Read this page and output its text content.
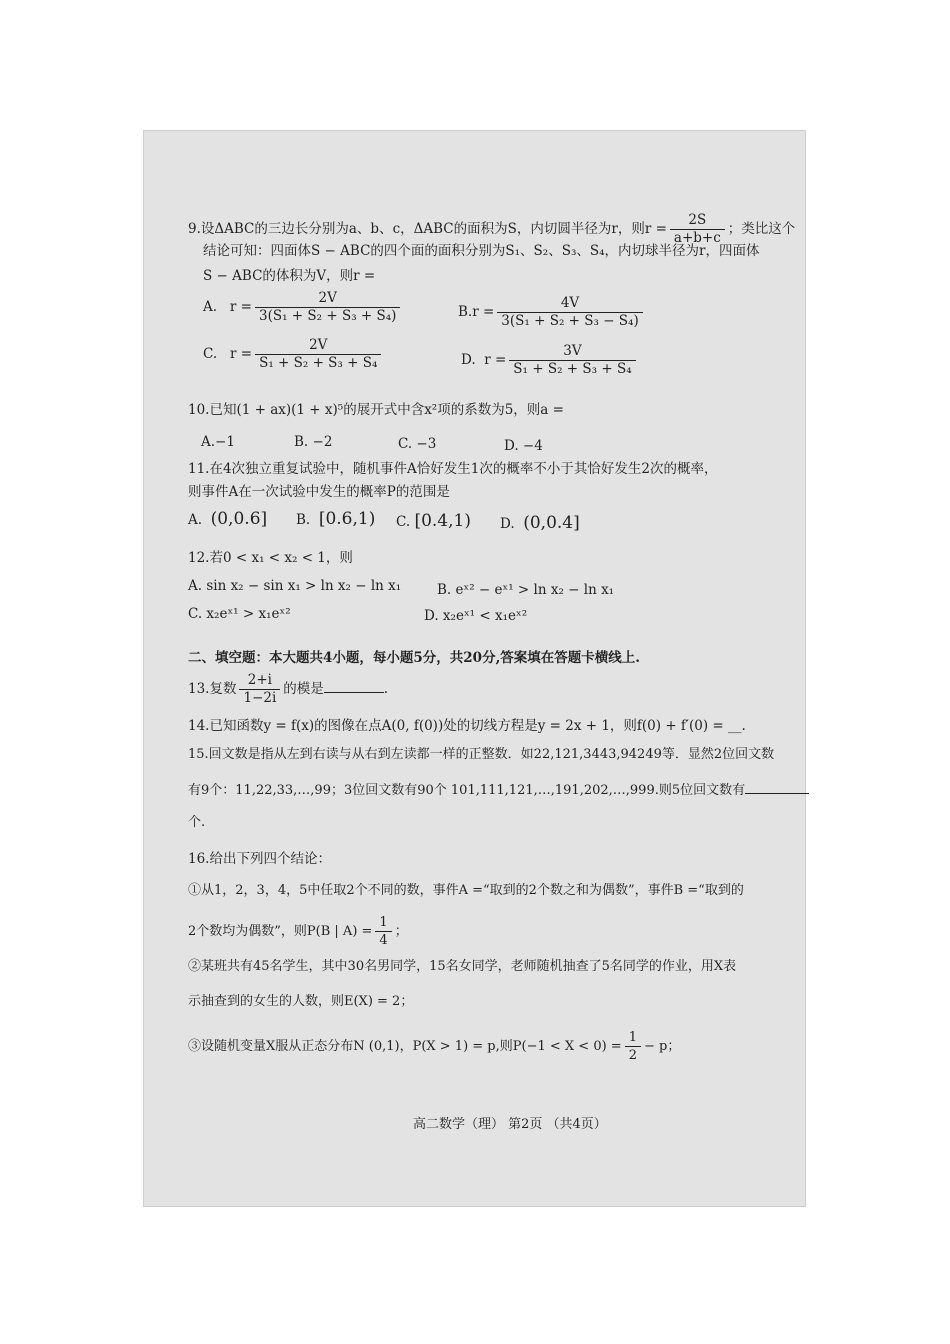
9.设ΔABC的三边长分别为a、b、c，ΔABC的面积为S，内切圆半径为r，则$r = \frac{2S}{a+b+c}$ ；类比这个
结论可知：四面体S − ABC的四个面的面积分别为S₁、S₂、S₃、S₄，内切球半径为r，四面体
S − ABC的体积为V，则r =
A. $r = \frac{2V}{\text{3(S₁ + S₂ + S₃ + S₄)}}$	$B.r = \frac{4V}{\text{3(S₁ + S₂ + S₃ − S₄)}}$
C. $r = \frac{2V}{\text{S₁ + S₂ + S₃ + S₄}}$	D. $r = \frac{3V}{\text{S₁ + S₂ + S₃ + S₄}}$
10.已知(1 + ax)(1 + x)⁵的展开式中含x²项的系数为5，则a =
A.−1	B. −2	C. −3	D. −4
11.在4次独立重复试验中，随机事件A恰好发生1次的概率不小于其恰好发生2次的概率，
则事件A在一次试验中发生的概率P的范围是
A. (0,0.6] B. [0.6,1) C. [0.4,1) D. (0,0.4]
12.若0 < x₁ < x₂ < 1，则
A. sin x₂ − sin x₁ > ln x₂ − ln x₁	B. eˣ² − eˣ¹ > ln x₂ − ln x₁
C. x₂eˣ¹ > x₁eˣ²	D. x₂eˣ¹ < x₁eˣ²
二、填空题：本大题共4小题，每小题5分，共20分,答案填在答题卡横线上.
13.复数 $\frac{2+i}{1-2i}$ 的模是	.
14.已知函数y = f(x)的图像在点A(0, f(0))处的切线方程是y = 2x + 1，则f(0) + f′(0) = __.
15.回文数是指从左到右读与从右到左读都一样的正整数．如22,121,3443,94249等．显然2位回文数
有9个：11,22,33,…,99；3位回文数有90个 101,111,121,…,191,202,…,999.则5位回文数有
个.
16.给出下列四个结论：
①从1，2，3，4，5中任取2个不同的数，事件A =“取到的2个数之和为偶数”，事件B =“取到的
2个数均为偶数”，则P(B | $A) = \frac{1}{4}$ ；
②某班共有45名学生，其中30名男同学，15名女同学，老师随机抽查了5名同学的作业，用X表
示抽查到的女生的人数，则E(X) = 2；
③设随机变量X服从正态分布N (0,1)，P(X > 1) = p,则$P(-1 < X < 0) = \frac{1}{2} - p$；
高二数学（理） 第2页 （共4页）
